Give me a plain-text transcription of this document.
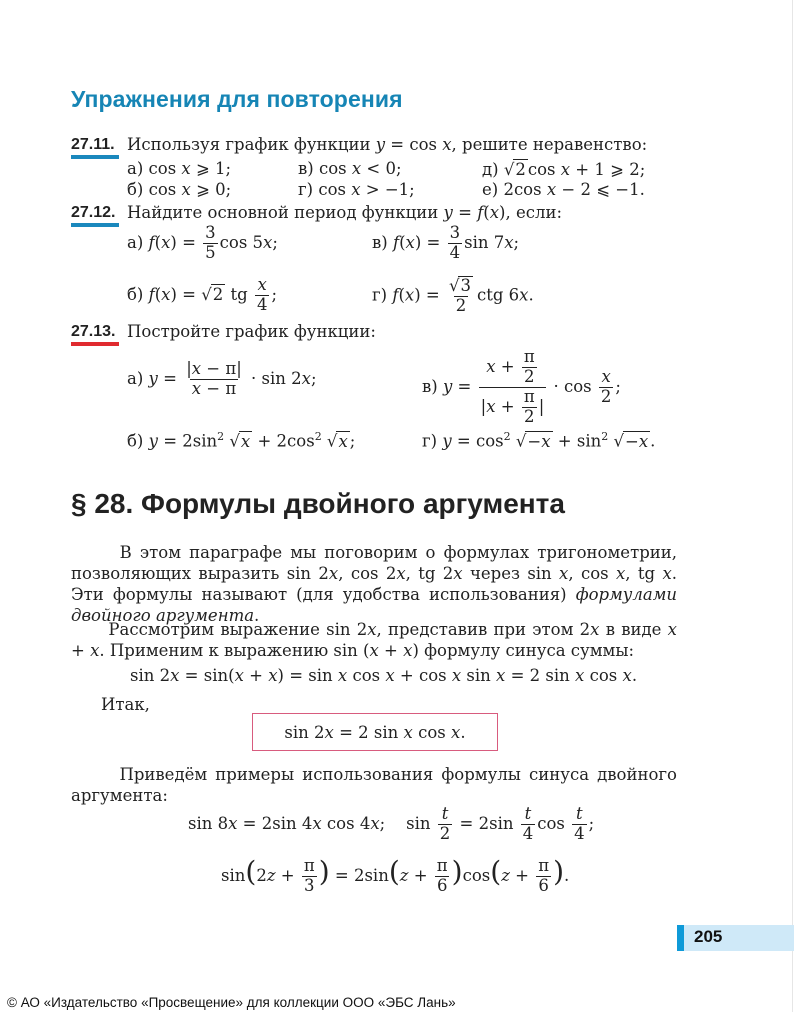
Упражнения для повторения
27.11. Используя график функции y = cos x, решите неравенство:
а) cos x ⩾ 1;	в) cos x < 0;	д) √2 cos x + 1 ⩾ 2;
б) cos x ⩾ 0;	г) cos x > −1;	е) 2cos x − 2 ⩽ −1.
27.12. Найдите основной период функции y = f(x), если:
а) $f(x) = \frac{3}{5}$ cos 5x;	в) $f(x) = \frac{3}{4}$ sin 7x;
б) f(x) = √2 tg $\frac{x}{4}$ ;	г) $f(x) = \frac{√3}{2}$ ctg 6x.
27.13. Постройте график функции:
а) $y = \frac{|x - \pi|}{x - \pi} \cdot \sin 2x$;	в) $y = \frac{x + \frac{\pi}{2}}{|x + \frac{\pi}{2} |} \cdot \cos \frac{x}{2}$ ;
б) $y = 2\sin^2$ $√x + 2\cos^2$ √x ;	г) $y = \cos^2 √-x + \sin^2 √-x$ .
§ 28. Формулы двойного аргумента
В этом параграфе мы поговорим о формулах тригонометрии, позволяющих выразить sin 2x, cos 2x, tg 2x через sin x, cos x, tg x. Эти формулы называют (для удобства использования) формулами двойного аргумента.
Рассмотрим выражение sin 2x, представив при этом 2x в виде x + x. Применим к выражению sin (x + x) формулу синуса суммы:
sin 2x = sin(x + x) = sin x cos x + cos x sin x = 2 sin x cos x.
Итак,
sin 2x = 2 sin x cos x.
Приведём примеры использования формулы синуса двойного аргумента:
sin 8x = 2sin 4x cos 4x;    $\sin \frac{t}{2} = 2\sin \frac{t}{4}$ $\cos \frac{t}{4}$ ;
$\sin(2z + \frac{\pi}{3}$ ) = $2\sin(z + \frac{\pi}{6} )\cos(z + \frac{\pi}{6}$ ).
205
© АО «Издательство «Просвещение» для коллекции ООО «ЭБС Лань»
